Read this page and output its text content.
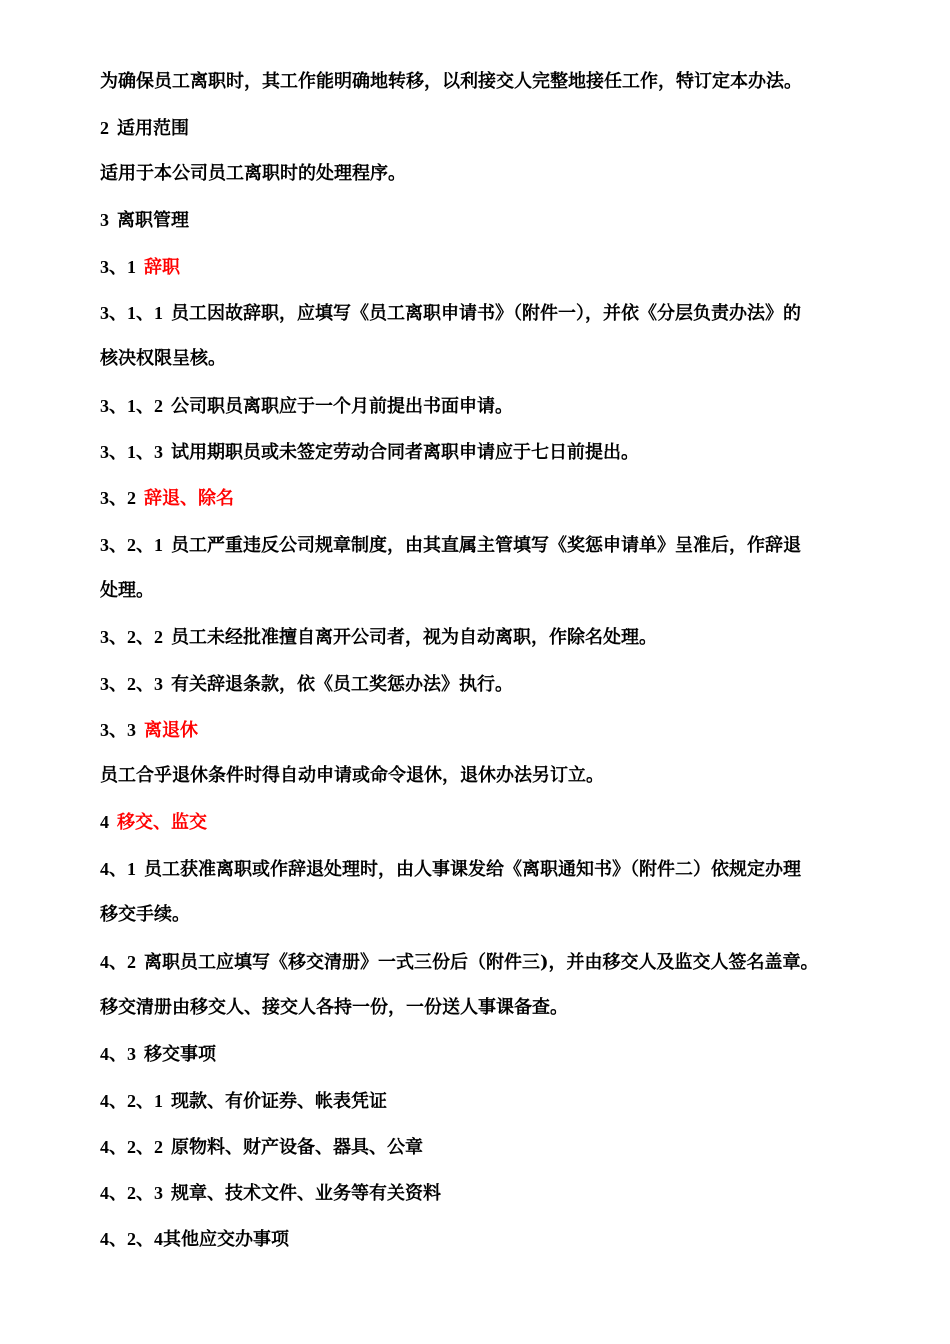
为确保员工离职时，其工作能明确地转移，以利接交人完整地接任工作，特订定本办法。
2 适用范围
适用于本公司员工离职时的处理程序。
3 离职管理
3、1 辞职
3、1、1 员工因故辞职，应填写《员工离职申请书》（附件一），并依《分层负责办法》的
核决权限呈核。
3、1、2 公司职员离职应于一个月前提出书面申请。
3、1、3 试用期职员或未签定劳动合同者离职申请应于七日前提出。
3、2 辞退、除名
3、2、1 员工严重违反公司规章制度，由其直属主管填写《奖惩申请单》呈准后，作辞退
处理。
3、2、2 员工未经批准擅自离开公司者，视为自动离职，作除名处理。
3、2、3 有关辞退条款，依《员工奖惩办法》执行。
3、3 离退休
员工合乎退休条件时得自动申请或命令退休，退休办法另订立。
4 移交、监交
4、1 员工获准离职或作辞退处理时，由人事课发给《离职通知书》（附件二）依规定办理
移交手续。
4、2 离职员工应填写《移交清册》一式三份后（附件三)，并由移交人及监交人签名盖章。
移交清册由移交人、接交人各持一份，一份送人事课备查。
4、3 移交事项
4、2、1 现款、有价证券、帐表凭证
4、2、2 原物料、财产设备、器具、公章
4、2、3 规章、技术文件、业务等有关资料
4、2、4其他应交办事项
